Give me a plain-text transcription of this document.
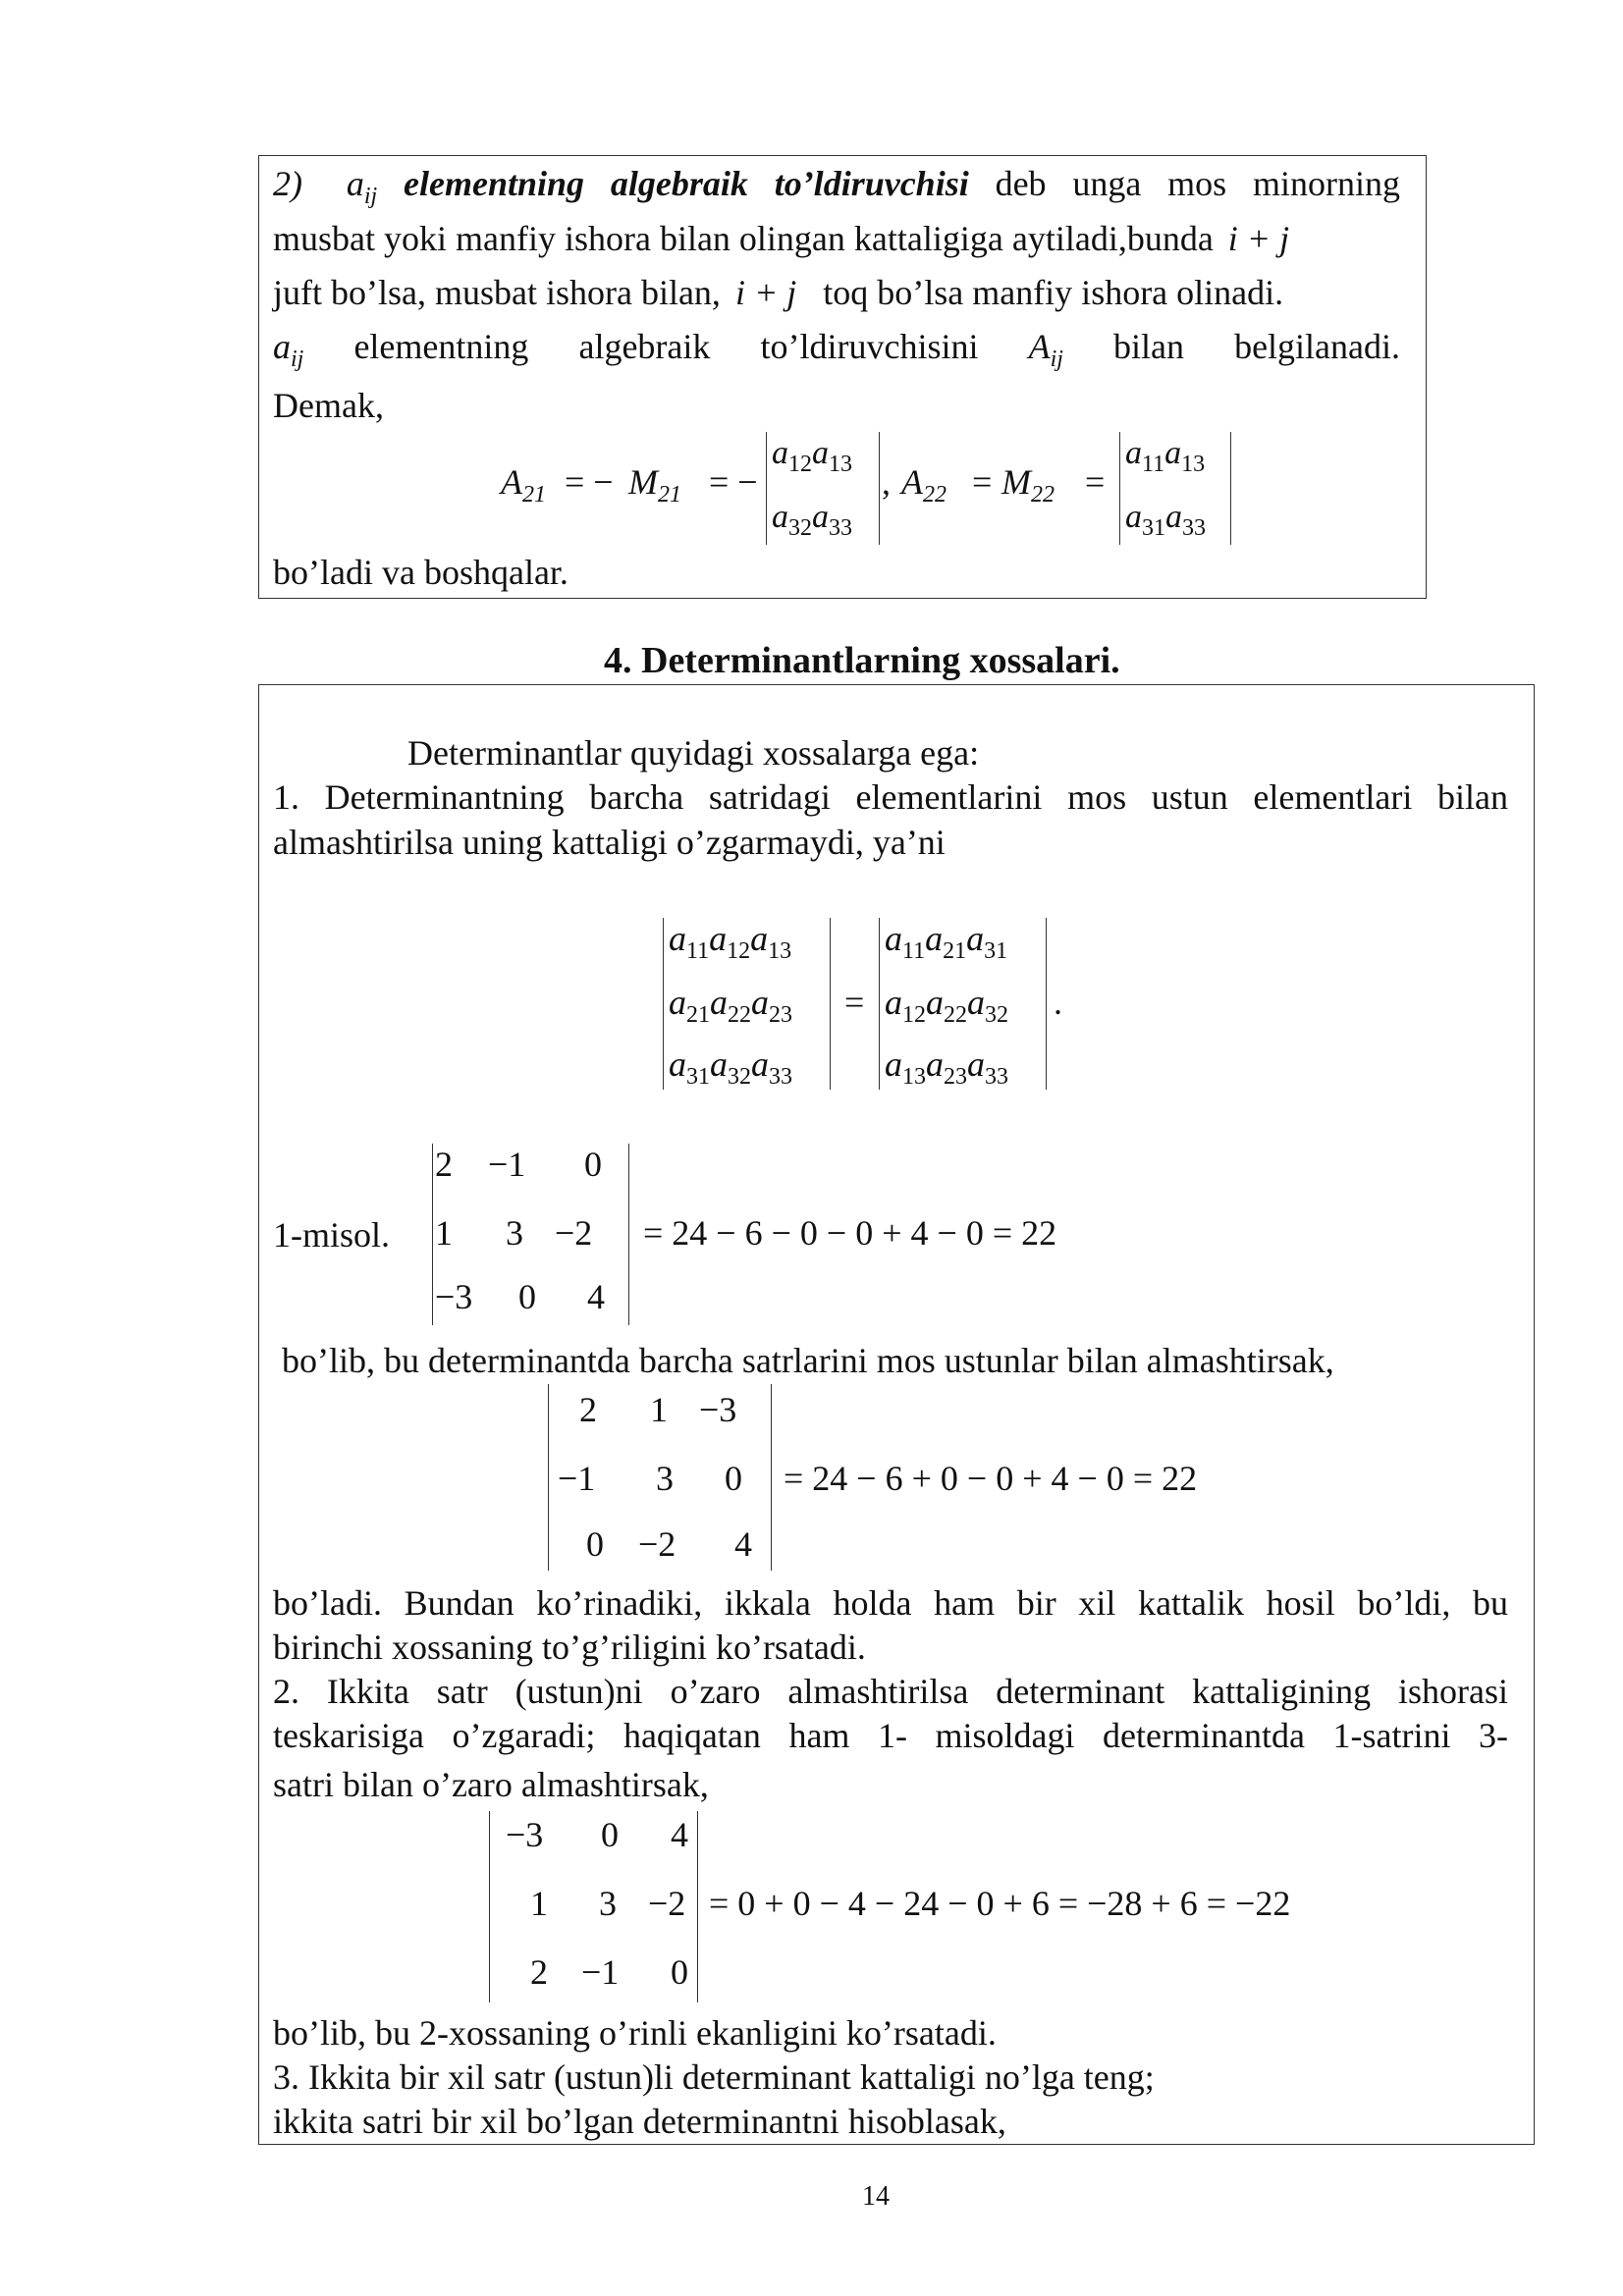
2) $a_{ij}$ elementning algebraik to’ldiruvchisi deb unga mos minorning
musbat yoki manfiy ishora bilan olingan kattaligiga aytiladi,bunda i + j
juft bo’lsa, musbat ishora bilan, i + j toq bo’lsa manfiy ishora olinadi.
$a_{ij}$ elementning algebraik to’ldiruvchisini $A_{ij}$ bilan belgilanadi.
Demak,
$A_{21}$ = − $M_{21}$ = −
$a_{12}a_{13}$
$a_{32}a_{33}$
, $A_{22} = M_{22}$ =
$a_{11}a_{13}$
$a_{31}a_{33}$
bo’ladi va boshqalar.
4. Determinantlarning xossalari.
Determinantlar quyidagi xossalarga ega:
1. Determinantning barcha satridagi elementlarini mos ustun elementlari bilan
almashtirilsa uning kattaligi o’zgarmaydi, ya’ni
$a_{11}a_{12}a_{13}$
$a_{21}a_{22}a_{23}$
$a_{31}a_{32}a_{33}$
=
$a_{11}a_{21}a_{31}$
$a_{12}a_{22}a_{32}$
$a_{13}a_{23}a_{33}$
.
1-misol.
2 −1 0
1 3 −2
−3 0 4
= 24 − 6 − 0 − 0 + 4 − 0 = 22
bo’lib, bu determinantda barcha satrlarini mos ustunlar bilan almashtirsak,
2 1 −3
−1 3 0
0 −2 4
= 24 − 6 + 0 − 0 + 4 − 0 = 22
bo’ladi. Bundan ko’rinadiki, ikkala holda ham bir xil kattalik hosil bo’ldi, bu
birinchi xossaning to’g’riligini ko’rsatadi.
2. Ikkita satr (ustun)ni o’zaro almashtirilsa determinant kattaligining ishorasi
teskarisiga o’zgaradi; haqiqatan ham 1- misoldagi determinantda 1-satrini 3-
satri bilan o’zaro almashtirsak,
−3 0 4
1 3 −2
2 −1 0
= 0 + 0 − 4 − 24 − 0 + 6 = −28 + 6 = −22
bo’lib, bu 2-xossaning o’rinli ekanligini ko’rsatadi.
3. Ikkita bir xil satr (ustun)li determinant kattaligi no’lga teng;
ikkita satri bir xil bo’lgan determinantni hisoblasak,
14
